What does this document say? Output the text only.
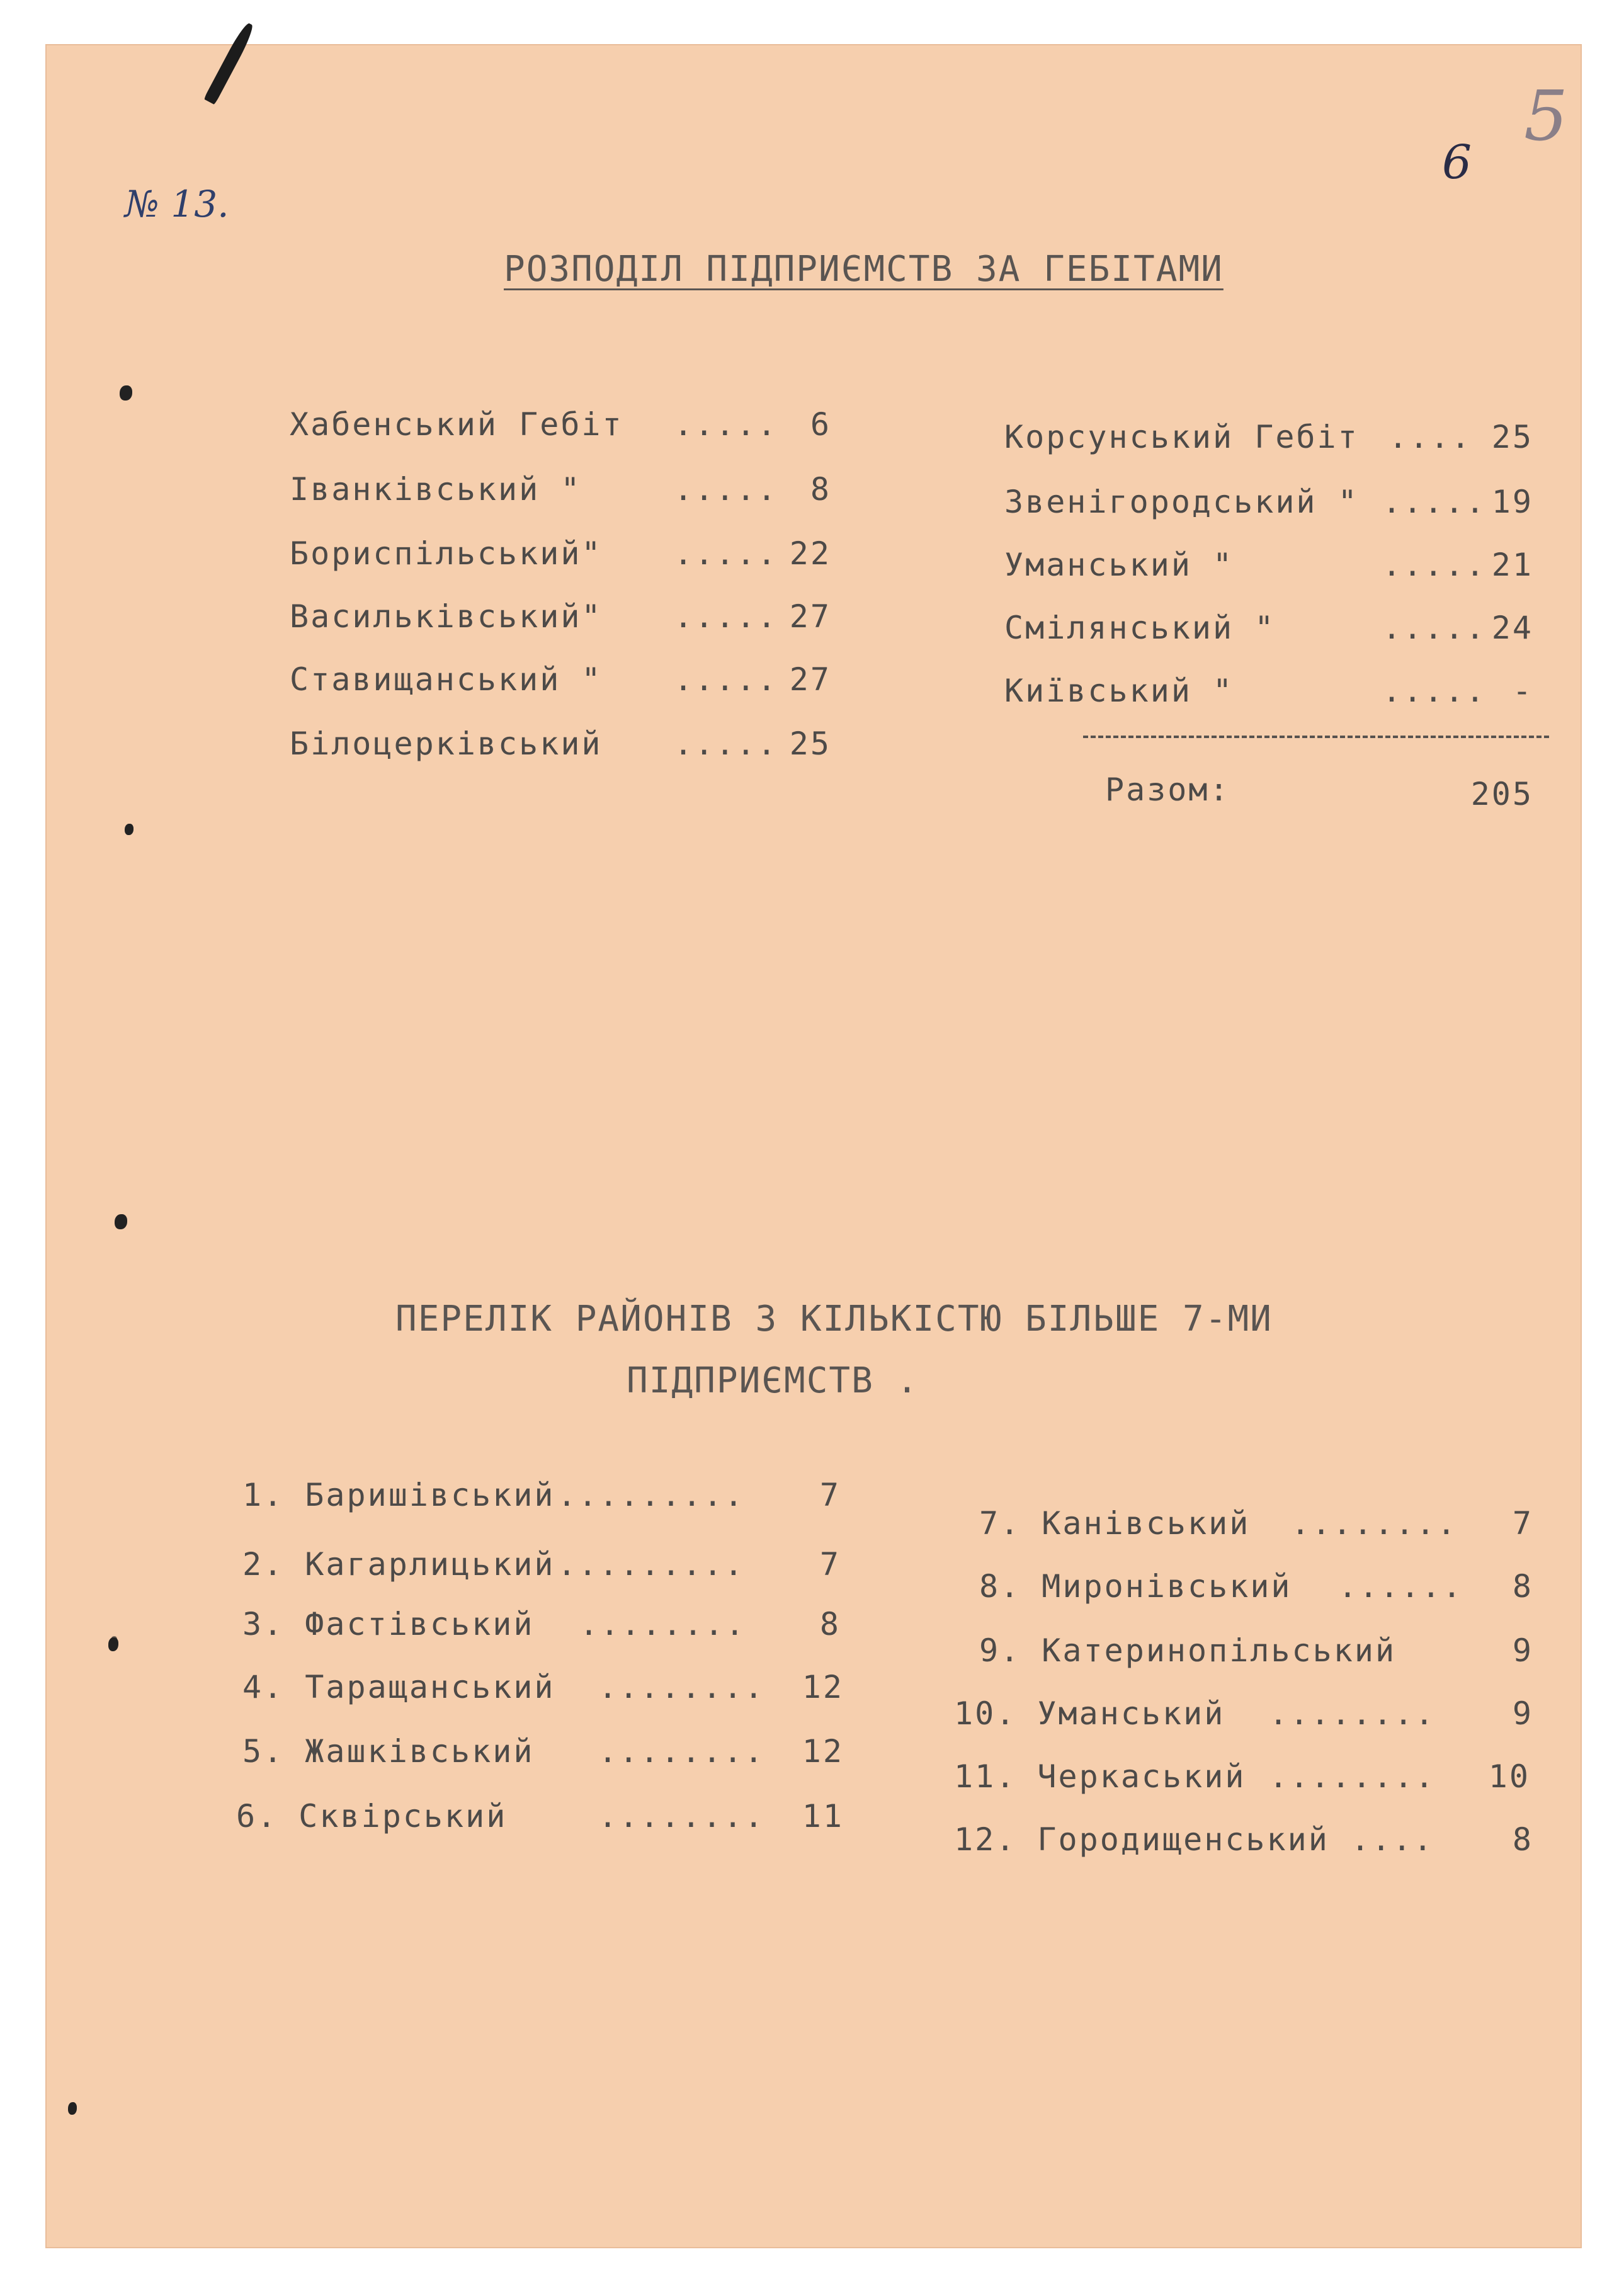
№ 13.
6
5
РОЗПОДІЛ ПІДПРИЄМСТВ ЗА ГЕБІТАМИ
Хабенський Гебіт .....	6
Іванківський "	.....	8
Бориспільський" ..... 22
Васильківський" ..... 27
Ставищанський " ..... 27
Білоцерківський ..... 25
Корсунський Гебіт .... 25
Звенігородський " ..... 19
Уманський "	..... 21
Смілянський "	..... 24
Київський "	..... -
Разом:	205
ПЕРЕЛІК РАЙОНІВ З КІЛЬКІСТЮ БІЛЬШЕ 7-МИ
ПІДПРИЄМСТВ .
1. Баришівський .........	7
2. Кагарлицький .........	7
3. Фастівський ........	8
4. Таращанський ........	12
5. Жашківський ........	12
6. Сквірський	........	11
7. Канівський ........	7
8. Миронівський ......	8
9. Катеринопільський	9
10. Уманський ........	9
11. Черкаський ........	10
12. Городищенський ....	8
